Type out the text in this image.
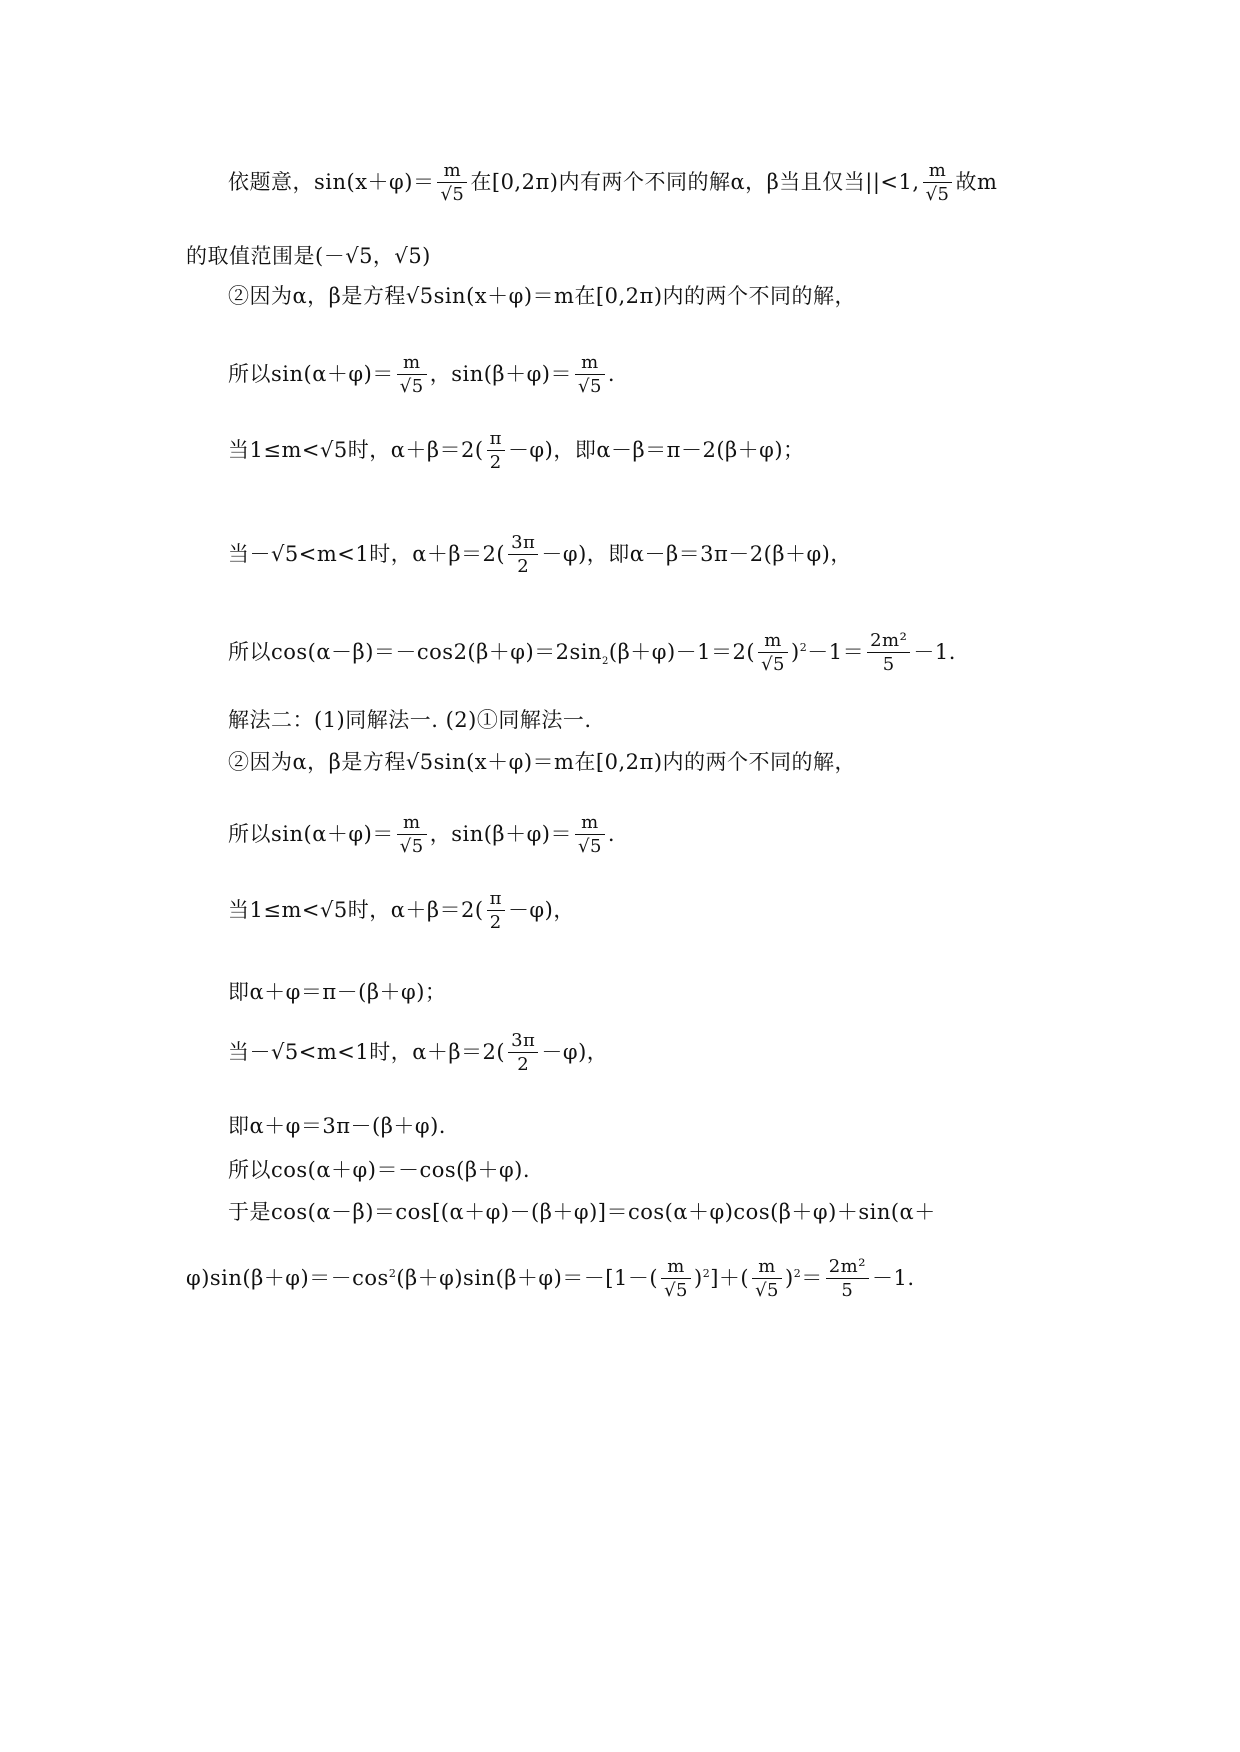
依题意，$\sin(x+\varphi)= \frac{m}{√5}$ 在[0,2π)内有两个不同的解α，β当且仅当||<1, $\frac{m}{√5}$ 故m
的取值范围是(－√5，√5)
②因为α，β是方程√5sin(x＋φ)＝m在[0,2π)内的两个不同的解，
所以$\sin(\alpha+\varphi)= \frac{m}{√5}$ ，$\sin(\beta+\varphi)= \frac{m}{√5}$ .
当1≤m<√5时，$\alpha+\beta=2( \frac{\pi}{2} -\varphi)$，即α－β＝π－2(β＋φ)；
当－√5<m<1时，$\alpha+\beta=2( \frac{3\pi}{2} -\varphi)$，即α－β＝3π－2(β＋φ)，
所以$\cos(\alpha-\beta)=-\cos 2(\beta+\varphi)=2\sin_2(\beta+\varphi)-1=2( \frac{m}{√5} )^2-1= \frac{\text{2m²}}{5} -1$.
解法二：(1)同解法一. (2)①同解法一.
②因为α，β是方程√5sin(x＋φ)＝m在[0,2π)内的两个不同的解，
所以$\sin(\alpha+\varphi)= \frac{m}{√5}$ ，$\sin(\beta+\varphi)= \frac{m}{√5}$ .
当1≤m<√5时，$\alpha+\beta=2( \frac{\pi}{2} -\varphi)$，
即α＋φ＝π－(β＋φ)；
当－√5<m<1时，$\alpha+\beta=2( \frac{3\pi}{2} -\varphi)$，
即α＋φ＝3π－(β＋φ).
所以cos(α＋φ)＝－cos(β＋φ).
于是cos(α－β)＝cos[(α＋φ)－(β＋φ)]＝cos(α＋φ)cos(β＋φ)＋sin(α＋
$\varphi)\sin(\beta+\varphi)=-\cos^2(\beta+\varphi)\sin(\beta+\varphi)=-[1-( \frac{m}{√5} )^2]+( \frac{m}{√5} )^2= \frac{\text{2m²}}{5} -1$.
